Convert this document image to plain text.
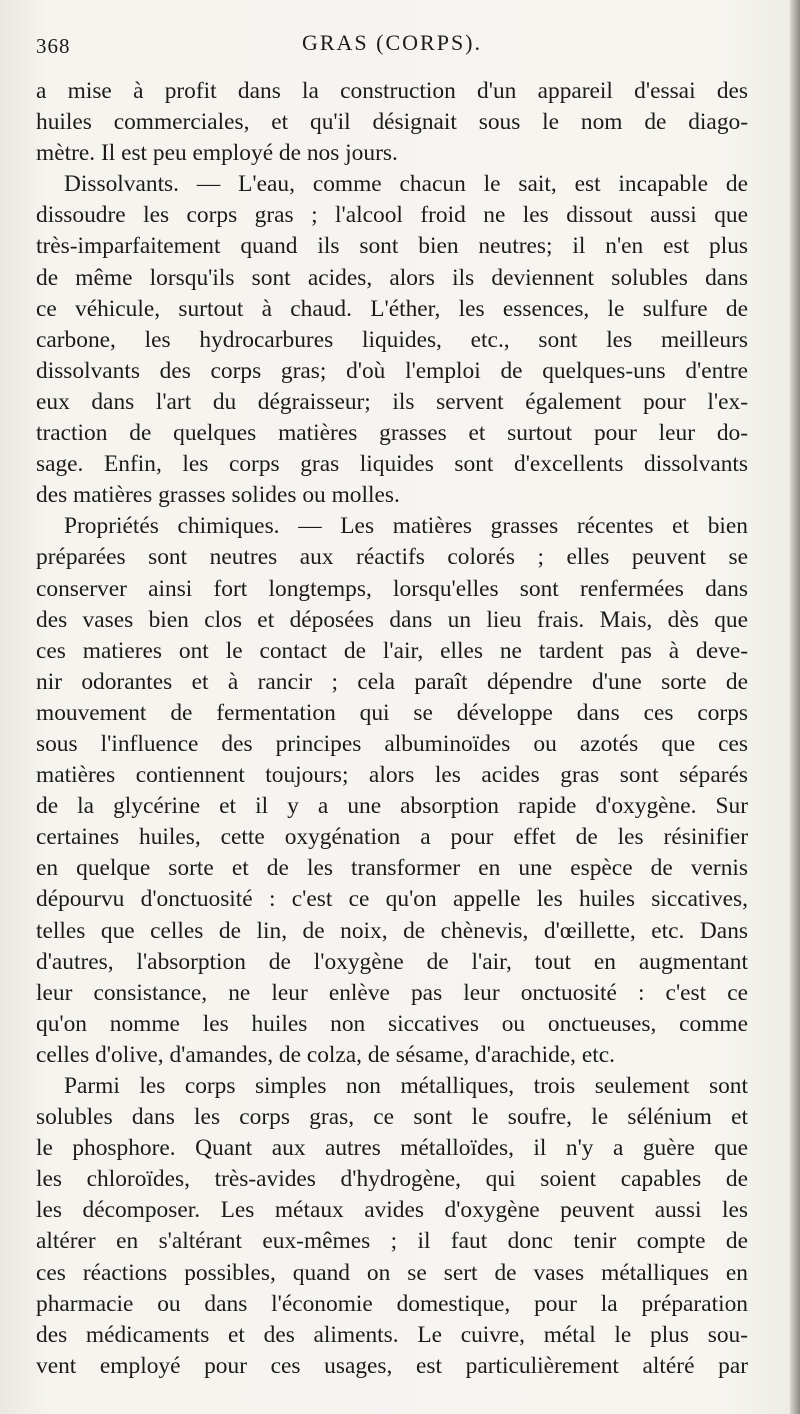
368	GRAS (CORPS).
a mise à profit dans la construction d'un appareil d'essai des
huiles commerciales, et qu'il désignait sous le nom de diago-
mètre. Il est peu employé de nos jours.
Dissolvants. — L'eau, comme chacun le sait, est incapable de
dissoudre les corps gras ; l'alcool froid ne les dissout aussi que
très-imparfaitement quand ils sont bien neutres; il n'en est plus
de même lorsqu'ils sont acides, alors ils deviennent solubles dans
ce véhicule, surtout à chaud. L'éther, les essences, le sulfure de
carbone, les hydrocarbures liquides, etc., sont les meilleurs
dissolvants des corps gras; d'où l'emploi de quelques-uns d'entre
eux dans l'art du dégraisseur; ils servent également pour l'ex-
traction de quelques matières grasses et surtout pour leur do-
sage. Enfin, les corps gras liquides sont d'excellents dissolvants
des matières grasses solides ou molles.
Propriétés chimiques. — Les matières grasses récentes et bien
préparées sont neutres aux réactifs colorés ; elles peuvent se
conserver ainsi fort longtemps, lorsqu'elles sont renfermées dans
des vases bien clos et déposées dans un lieu frais. Mais, dès que
ces matieres ont le contact de l'air, elles ne tardent pas à deve-
nir odorantes et à rancir ; cela paraît dépendre d'une sorte de
mouvement de fermentation qui se développe dans ces corps
sous l'influence des principes albuminoïdes ou azotés que ces
matières contiennent toujours; alors les acides gras sont séparés
de la glycérine et il y a une absorption rapide d'oxygène. Sur
certaines huiles, cette oxygénation a pour effet de les résinifier
en quelque sorte et de les transformer en une espèce de vernis
dépourvu d'onctuosité : c'est ce qu'on appelle les huiles siccatives,
telles que celles de lin, de noix, de chènevis, d'œillette, etc. Dans
d'autres, l'absorption de l'oxygène de l'air, tout en augmentant
leur consistance, ne leur enlève pas leur onctuosité : c'est ce
qu'on nomme les huiles non siccatives ou onctueuses, comme
celles d'olive, d'amandes, de colza, de sésame, d'arachide, etc.
Parmi les corps simples non métalliques, trois seulement sont
solubles dans les corps gras, ce sont le soufre, le sélénium et
le phosphore. Quant aux autres métalloïdes, il n'y a guère que
les chloroïdes, très-avides d'hydrogène, qui soient capables de
les décomposer. Les métaux avides d'oxygène peuvent aussi les
altérer en s'altérant eux-mêmes ; il faut donc tenir compte de
ces réactions possibles, quand on se sert de vases métalliques en
pharmacie ou dans l'économie domestique, pour la préparation
des médicaments et des aliments. Le cuivre, métal le plus sou-
vent employé pour ces usages, est particulièrement altéré par
